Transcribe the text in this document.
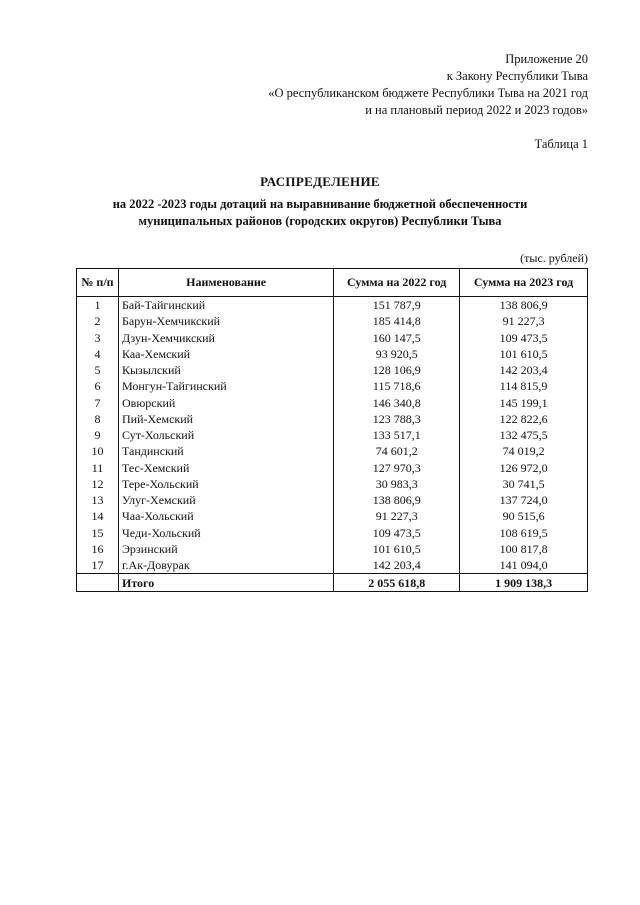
Приложение 20
к Закону Республики Тыва
«О республиканском бюджете Республики Тыва на 2021 год
и на плановый период 2022 и 2023 годов»
Таблица 1
РАСПРЕДЕЛЕНИЕ
на 2022 -2023 годы дотаций на выравнивание бюджетной обеспеченности
муниципальных районов (городских округов) Республики Тыва
(тыс. рублей)
№ п/п	Наименование	Сумма на 2022 год	Сумма на 2023 год
1	Бай-Тайгинский	151 787,9	138 806,9
2	Барун-Хемчикский	185 414,8	91 227,3
3	Дзун-Хемчикский	160 147,5	109 473,5
4	Каа-Хемский	93 920,5	101 610,5
5	Кызылский	128 106,9	142 203,4
6	Монгун-Тайгинский	115 718,6	114 815,9
7	Овюрский	146 340,8	145 199,1
8	Пий-Хемский	123 788,3	122 822,6
9	Сут-Хольский	133 517,1	132 475,5
10	Тандинский	74 601,2	74 019,2
11	Тес-Хемский	127 970,3	126 972,0
12	Тере-Хольский	30 983,3	30 741,5
13	Улуг-Хемский	138 806,9	137 724,0
14	Чаа-Хольский	91 227,3	90 515,6
15	Чеди-Хольский	109 473,5	108 619,5
16	Эрзинский	101 610,5	100 817,8
17	г.Ак-Довурак	142 203,4	141 094,0
	Итого	2 055 618,8	1 909 138,3
